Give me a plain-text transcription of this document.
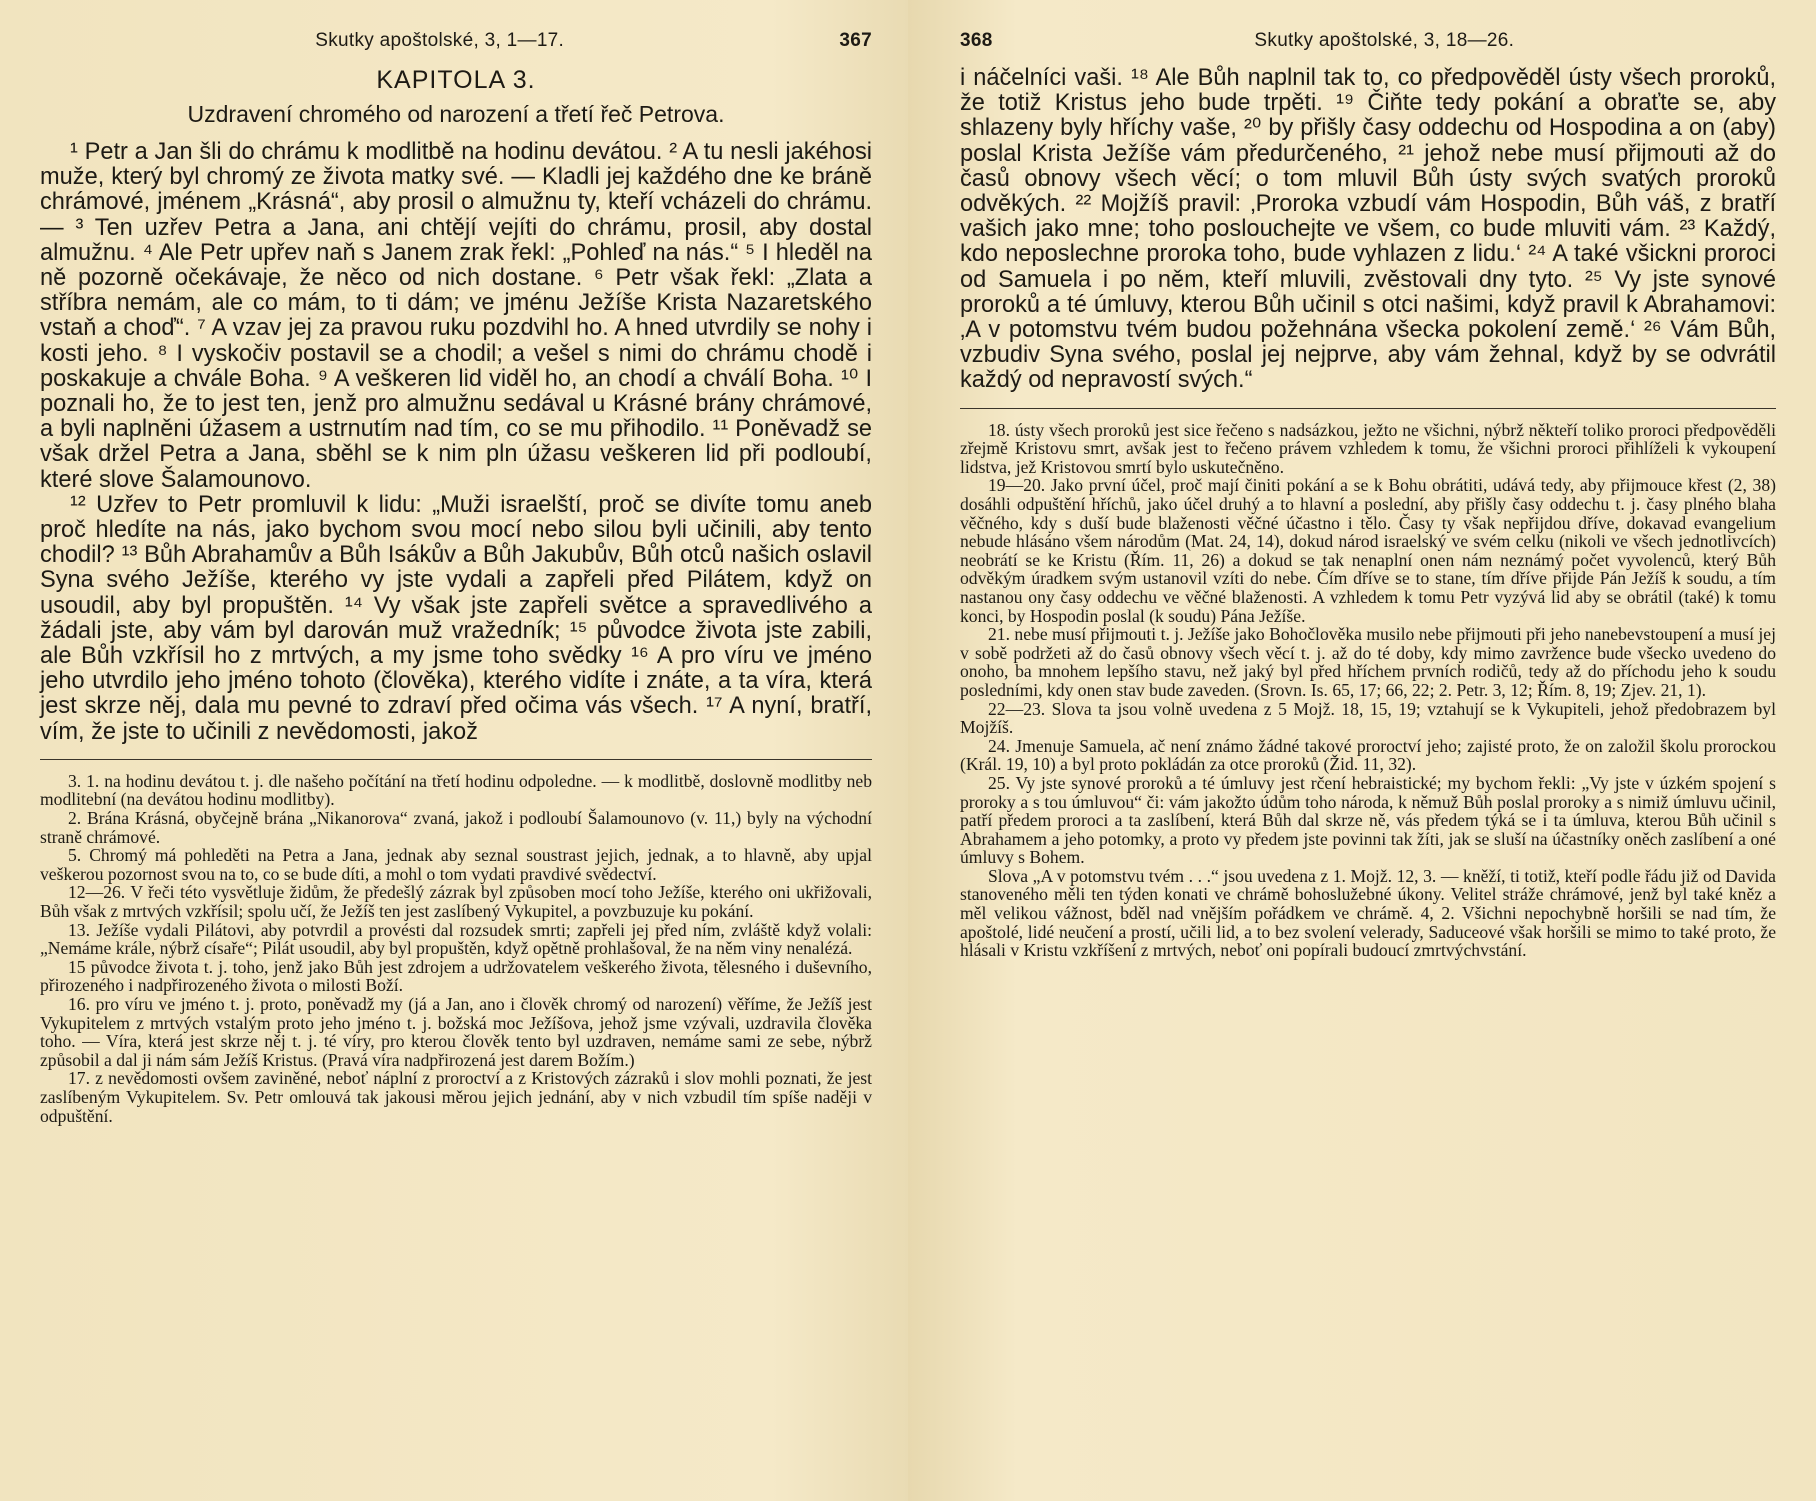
Skutky apoštolské, 3, 1—17.	367
KAPITOLA 3.
Uzdravení chromého od narození a třetí řeč Petrova.

¹ Petr a Jan šli do chrámu k modlitbě na hodinu devátou. ² A tu nesli jakéhosi muže, který byl chromý ze života matky své. — Kladli jej každého dne ke bráně chrámové, jménem „Krásná“, aby prosil o almužnu ty, kteří vcházeli do chrámu. — ³ Ten uzřev Petra a Jana, ani chtějí vejíti do chrámu, prosil, aby dostal almužnu. ⁴ Ale Petr upřev naň s Janem zrak řekl: „Pohleď na nás.“ ⁵ I hleděl na ně pozorně očekávaje, že něco od nich dostane. ⁶ Petr však řekl: „Zlata a stříbra nemám, ale co mám, to ti dám; ve jménu Ježíše Krista Nazaretského vstaň a choď“. ⁷ A vzav jej za pravou ruku pozdvihl ho. A hned utvrdily se nohy i kosti jeho. ⁸ I vyskočiv postavil se a chodil; a vešel s nimi do chrámu chodě i poskakuje a chvále Boha. ⁹ A veškeren lid viděl ho, an chodí a chválí Boha. ¹⁰ I poznali ho, že to jest ten, jenž pro almužnu sedával u Krásné brány chrámové, a byli naplněni úžasem a ustrnutím nad tím, co se mu přihodilo. ¹¹ Poněvadž se však držel Petra a Jana, sběhl se k nim pln úžasu veškeren lid při podloubí, které slove Šalamounovo.

¹² Uzřev to Petr promluvil k lidu: „Muži israelští, proč se divíte tomu aneb proč hledíte na nás, jako bychom svou mocí nebo silou byli učinili, aby tento chodil? ¹³ Bůh Abrahamův a Bůh Isákův a Bůh Jakubův, Bůh otců našich oslavil Syna svého Ježíše, kterého vy jste vydali a zapřeli před Pilátem, když on usoudil, aby byl propuštěn. ¹⁴ Vy však jste zapřeli světce a spravedlivého a žádali jste, aby vám byl darován muž vražedník; ¹⁵ původce života jste zabili, ale Bůh vzkřísil ho z mrtvých, a my jsme toho svědky ¹⁶ A pro víru ve jméno jeho utvrdilo jeho jméno tohoto (člověka), kterého vidíte i znáte, a ta víra, která jest skrze něj, dala mu pevné to zdraví před očima vás všech. ¹⁷ A nyní, bratří, vím, že jste to učinili z nevědomosti, jakož

3. 1. na hodinu devátou t. j. dle našeho počítání na třetí hodinu odpoledne. — k modlitbě, doslovně modlitby neb modlitební (na devátou hodinu modlitby).

2. Brána Krásná, obyčejně brána „Nikanorova“ zvaná, jakož i podloubí Šalamounovo (v. 11,) byly na východní straně chrámové.

5. Chromý má pohleděti na Petra a Jana, jednak aby seznal soustrast jejich, jednak, a to hlavně, aby upjal veškerou pozornost svou na to, co se bude díti, a mohl o tom vydati pravdivé svědectví.

12—26. V řeči této vysvětluje židům, že předešlý zázrak byl způsoben mocí toho Ježíše, kterého oni ukřižovali, Bůh však z mrtvých vzkřísil; spolu učí, že Ježíš ten jest zaslíbený Vykupitel, a povzbuzuje ku pokání.

13. Ježíše vydali Pilátovi, aby potvrdil a provésti dal rozsudek smrti; zapřeli jej před ním, zvláště když volali: „Nemáme krále, nýbrž císaře“; Pilát usoudil, aby byl propuštěn, když opětně prohlašoval, že na něm viny nenalézá.

15 původce života t. j. toho, jenž jako Bůh jest zdrojem a udržovatelem veškerého života, tělesného i duševního, přirozeného i nadpřirozeného života o milosti Boží.

16. pro víru ve jméno t. j. proto, poněvadž my (já a Jan, ano i člověk chromý od narození) věříme, že Ježíš jest Vykupitelem z mrtvých vstalým proto jeho jméno t. j. božská moc Ježíšova, jehož jsme vzývali, uzdravila člověka toho. — Víra, která jest skrze něj t. j. té víry, pro kterou člověk tento byl uzdraven, nemáme sami ze sebe, nýbrž způsobil a dal ji nám sám Ježíš Kristus. (Pravá víra nadpřirozená jest darem Božím.)

17. z nevědomosti ovšem zaviněné, neboť náplní z proroctví a z Kristových zázraků i slov mohli poznati, že jest zaslíbeným Vykupitelem. Sv. Petr omlouvá tak jakousi měrou jejich jednání, aby v nich vzbudil tím spíše naději v odpuštění.

368	Skutky apoštolské, 3, 18—26.

i náčelníci vaši. ¹⁸ Ale Bůh naplnil tak to, co předpověděl ústy všech proroků, že totiž Kristus jeho bude trpěti. ¹⁹ Čiňte tedy pokání a obraťte se, aby shlazeny byly hříchy vaše, ²⁰ by přišly časy oddechu od Hospodina a on (aby) poslal Krista Ježíše vám předurčeného, ²¹ jehož nebe musí přijmouti až do časů obnovy všech věcí; o tom mluvil Bůh ústy svých svatých proroků odvěkých. ²² Mojžíš pravil: ‚Proroka vzbudí vám Hospodin, Bůh váš, z bratří vašich jako mne; toho poslouchejte ve všem, co bude mluviti vám. ²³ Každý, kdo neposlechne proroka toho, bude vyhlazen z lidu.‘ ²⁴ A také všickni proroci od Samuela i po něm, kteří mluvili, zvěstovali dny tyto. ²⁵ Vy jste synové proroků a té úmluvy, kterou Bůh učinil s otci našimi, když pravil k Abrahamovi: ‚A v potomstvu tvém budou požehnána všecka pokolení země.‘ ²⁶ Vám Bůh, vzbudiv Syna svého, poslal jej nejprve, aby vám žehnal, když by se odvrátil každý od nepravostí svých.“

18. ústy všech proroků jest sice řečeno s nadsázkou, ježto ne všichni, nýbrž někteří toliko proroci předpověděli zřejmě Kristovu smrt, avšak jest to řečeno právem vzhledem k tomu, že všichni proroci přihlíželi k vykoupení lidstva, jež Kristovou smrtí bylo uskutečněno.

19—20. Jako první účel, proč mají činiti pokání a se k Bohu obrátiti, udává tedy, aby přijmouce křest (2, 38) dosáhli odpuštění hříchů, jako účel druhý a to hlavní a poslední, aby přišly časy oddechu t. j. časy plného blaha věčného, kdy s duší bude blaženosti věčné účastno i tělo. Časy ty však nepřijdou dříve, dokavad evangelium nebude hlásáno všem národům (Mat. 24, 14), dokud národ israelský ve svém celku (nikoli ve všech jednotlivcích) neobrátí se ke Kristu (Řím. 11, 26) a dokud se tak nenaplní onen nám neznámý počet vyvolenců, který Bůh odvěkým úradkem svým ustanovil vzíti do nebe. Čím dříve se to stane, tím dříve přijde Pán Ježíš k soudu, a tím nastanou ony časy oddechu ve věčné blaženosti. A vzhledem k tomu Petr vyzývá lid aby se obrátil (také) k tomu konci, by Hospodin poslal (k soudu) Pána Ježíše.

21. nebe musí přijmouti t. j. Ježíše jako Bohočlověka musilo nebe přijmouti při jeho nanebevstoupení a musí jej v sobě podržeti až do časů obnovy všech věcí t. j. až do té doby, kdy mimo zavržence bude všecko uvedeno do onoho, ba mnohem lepšího stavu, než jaký byl před hříchem prvních rodičů, tedy až do příchodu jeho k soudu posledními, kdy onen stav bude zaveden. (Srovn. Is. 65, 17; 66, 22; 2. Petr. 3, 12; Řím. 8, 19; Zjev. 21, 1).

22—23. Slova ta jsou volně uvedena z 5 Mojž. 18, 15, 19; vztahují se k Vykupiteli, jehož předobrazem byl Mojžíš.

24. Jmenuje Samuela, ač není známo žádné takové proroctví jeho; zajisté proto, že on založil školu prorockou (Král. 19, 10) a byl proto pokládán za otce proroků (Žid. 11, 32).

25. Vy jste synové proroků a té úmluvy jest rčení hebraistické; my bychom řekli: „Vy jste v úzkém spojení s proroky a s tou úmluvou“ či: vám jakožto údům toho národa, k němuž Bůh poslal proroky a s nimiž úmluvu učinil, patří předem proroci a ta zaslíbení, která Bůh dal skrze ně, vás předem týká se i ta úmluva, kterou Bůh učinil s Abrahamem a jeho potomky, a proto vy předem jste povinni tak žíti, jak se sluší na účastníky oněch zaslíbení a oné úmluvy s Bohem.

Slova „A v potomstvu tvém . . .“ jsou uvedena z 1. Mojž. 12, 3. — kněží, ti totiž, kteří podle řádu již od Davida stanoveného měli ten týden konati ve chrámě bohoslužebné úkony. Velitel stráže chrámové, jenž byl také kněz a měl velikou vážnost, bděl nad vnějším pořádkem ve chrámě. 4, 2. Všichni nepochybně horšili se nad tím, že apoštolé, lidé neučení a prostí, učili lid, a to bez svolení velerady, Saduceové však horšili se mimo to také proto, že hlásali v Kristu vzkříšení z mrtvých, neboť oni popírali budoucí zmrtvýchvstání.
